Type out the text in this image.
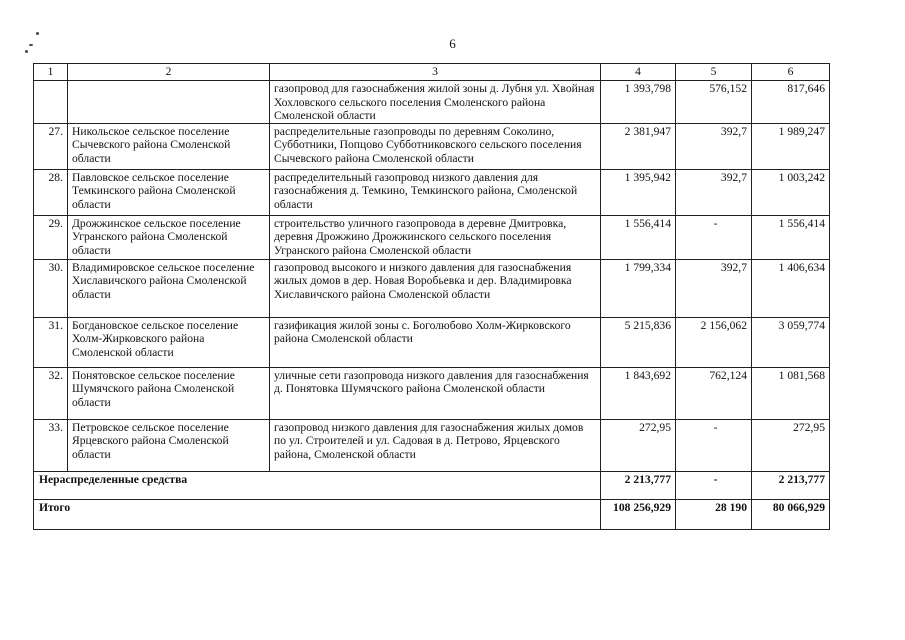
6
1	2	3	4	5	6
		газопровод для газоснабжения жилой зоны д. Лубня ул. Хвойная Хохловского сельского поселения Смоленского района Смоленской области	1 393,798	576,152	817,646
27.	Никольское сельское поселение Сычевского района Смоленской области	распределительные газопроводы по деревням Соколино, Субботники, Попцово Субботниковского сельского поселения Сычевского района Смоленской области	2 381,947	392,7	1 989,247
28.	Павловское сельское поселение Темкинского района Смоленской области	распределительный газопровод низкого давления для газоснабжения д. Темкино, Темкинского района, Смоленской области	1 395,942	392,7	1 003,242
29.	Дрожжинское сельское поселение Угранского района Смоленской области	строительство уличного газопровода в деревне Дмитровка, деревня Дрожжино Дрожжинского сельского поселения Угранского района Смоленской области	1 556,414	-	1 556,414
30.	Владимировское сельское поселение Хиславичского района Смоленской области	газопровод высокого и низкого давления для газоснабжения жилых домов в дер. Новая Воробьевка и дер. Владимировка Хиславичского района Смоленской области	1 799,334	392,7	1 406,634
31.	Богдановское сельское поселение Холм-Жирковского района Смоленской области	газификация жилой зоны с. Боголюбово Холм-Жирковского района Смоленской области	5 215,836	2 156,062	3 059,774
32.	Понятовское сельское поселение Шумячского района Смоленской области	уличные сети газопровода низкого давления для газоснабжения д. Понятовка Шумячского района Смоленской области	1 843,692	762,124	1 081,568
33.	Петровское сельское поселение Ярцевского района Смоленской области	газопровод низкого давления для газоснабжения жилых домов по ул. Строителей и ул. Садовая в д. Петрово, Ярцевского района, Смоленской области	272,95	-	272,95
Нераспределенные средства			2 213,777	-	2 213,777
Итого			108 256,929	28 190	80 066,929
